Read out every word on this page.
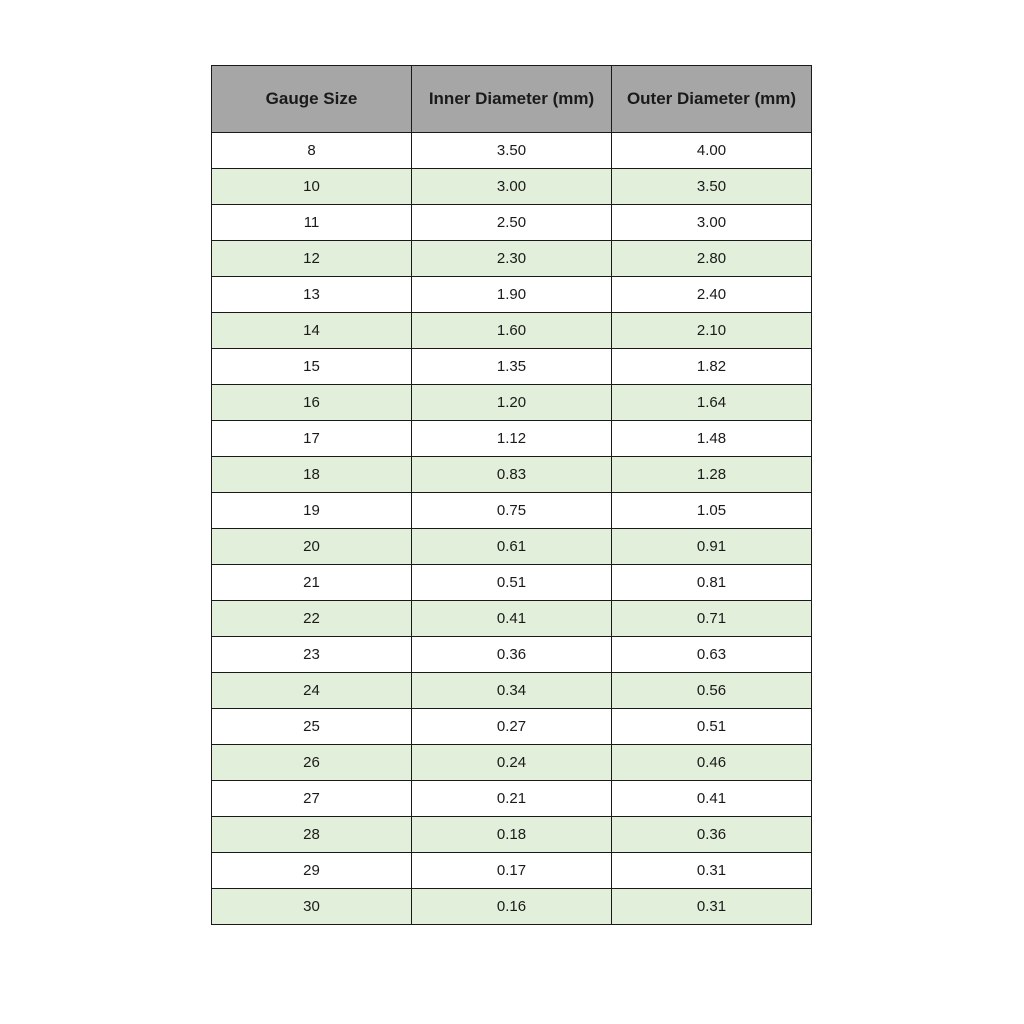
Gauge Size	Inner Diameter (mm)	Outer Diameter (mm)
8	3.50	4.00
10	3.00	3.50
11	2.50	3.00
12	2.30	2.80
13	1.90	2.40
14	1.60	2.10
15	1.35	1.82
16	1.20	1.64
17	1.12	1.48
18	0.83	1.28
19	0.75	1.05
20	0.61	0.91
21	0.51	0.81
22	0.41	0.71
23	0.36	0.63
24	0.34	0.56
25	0.27	0.51
26	0.24	0.46
27	0.21	0.41
28	0.18	0.36
29	0.17	0.31
30	0.16	0.31
